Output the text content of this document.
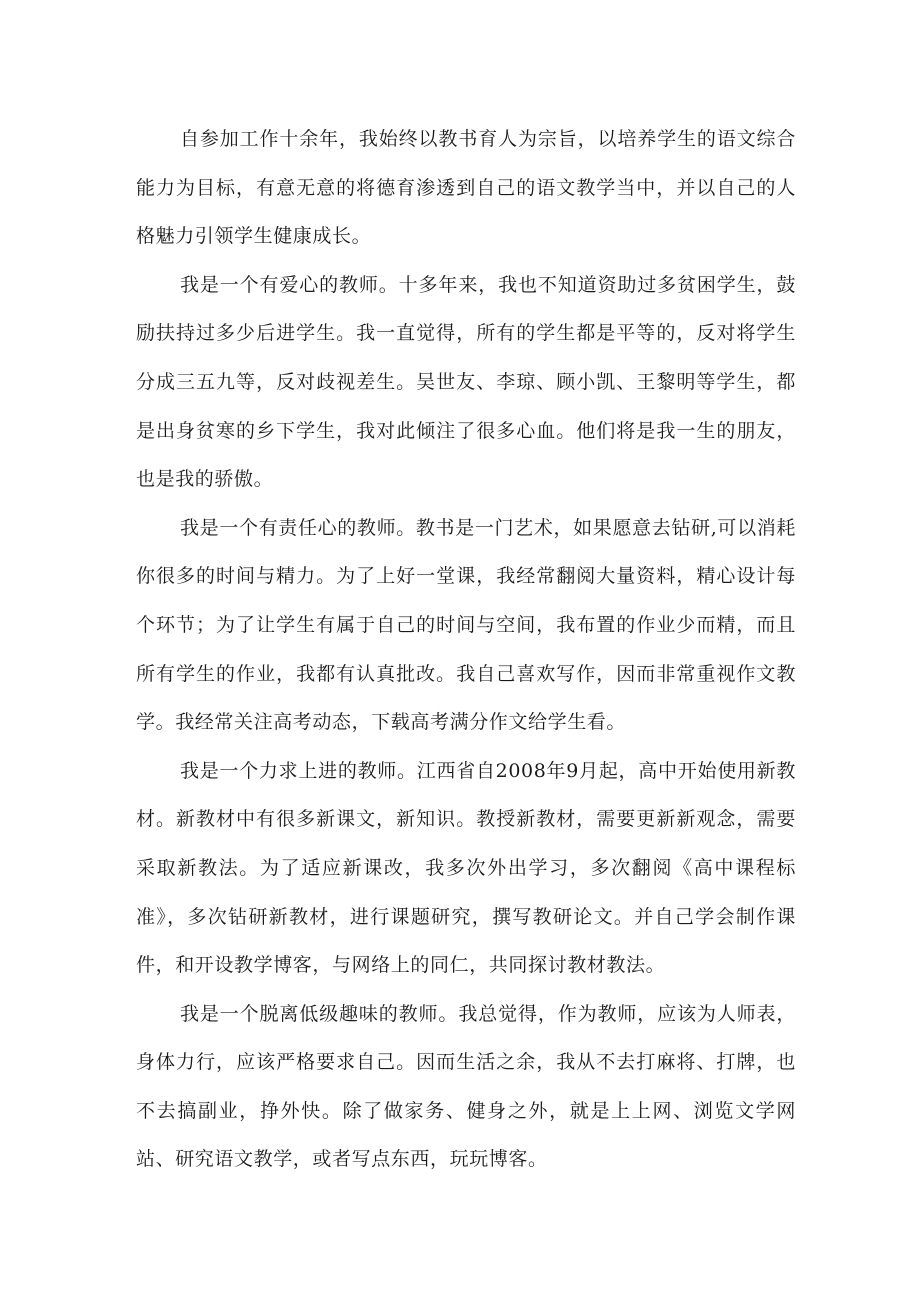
自参加工作十余年，我始终以教书育人为宗旨，以培养学生的语文综合能力为目标，有意无意的将德育渗透到自己的语文教学当中，并以自己的人格魅力引领学生健康成长。

我是一个有爱心的教师。十多年来，我也不知道资助过多贫困学生，鼓励扶持过多少后进学生。我一直觉得，所有的学生都是平等的，反对将学生分成三五九等，反对歧视差生。吴世友、李琼、顾小凯、王黎明等学生，都是出身贫寒的乡下学生，我对此倾注了很多心血。他们将是我一生的朋友，也是我的骄傲。

我是一个有责任心的教师。教书是一门艺术，如果愿意去钻研,可以消耗你很多的时间与精力。为了上好一堂课，我经常翻阅大量资料，精心设计每个环节；为了让学生有属于自己的时间与空间，我布置的作业少而精，而且所有学生的作业，我都有认真批改。我自己喜欢写作，因而非常重视作文教学。我经常关注高考动态，下载高考满分作文给学生看。

我是一个力求上进的教师。江西省自2008年9月起，高中开始使用新教材。新教材中有很多新课文，新知识。教授新教材，需要更新新观念，需要采取新教法。为了适应新课改，我多次外出学习，多次翻阅《高中课程标准》，多次钻研新教材，进行课题研究，撰写教研论文。并自己学会制作课件，和开设教学博客，与网络上的同仁，共同探讨教材教法。

我是一个脱离低级趣味的教师。我总觉得，作为教师，应该为人师表，身体力行，应该严格要求自己。因而生活之余，我从不去打麻将、打牌，也不去搞副业，挣外快。除了做家务、健身之外，就是上上网、浏览文学网站、研究语文教学，或者写点东西，玩玩博客。
